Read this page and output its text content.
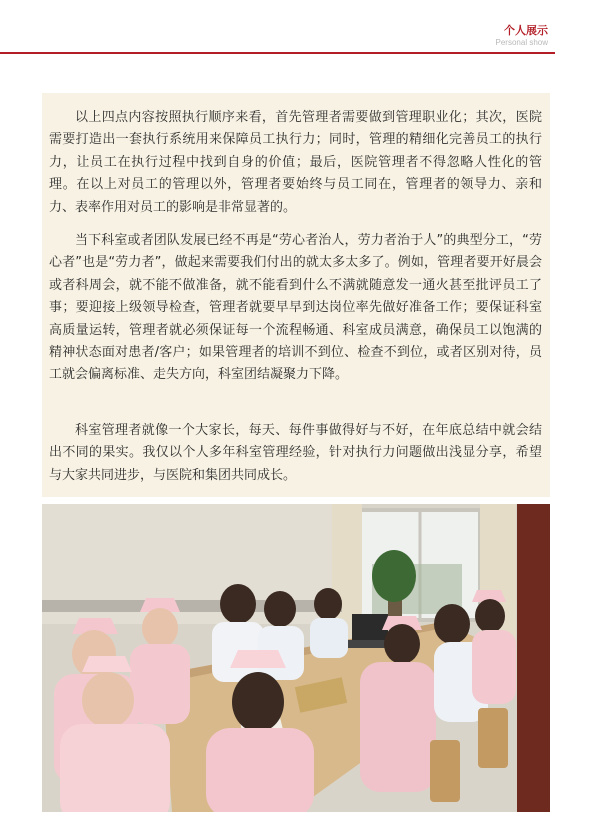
个人展示
Personal show

以上四点内容按照执行顺序来看，首先管理者需要做到管理职业化；其次，医院需要打造出一套执行系统用来保障员工执行力；同时，管理的精细化完善员工的执行力，让员工在执行过程中找到自身的价值；最后，医院管理者不得忽略人性化的管理。在以上对员工的管理以外，管理者要始终与员工同在，管理者的领导力、亲和力、表率作用对员工的影响是非常显著的。

当下科室或者团队发展已经不再是“劳心者治人，劳力者治于人”的典型分工，“劳心者”也是“劳力者”，做起来需要我们付出的就太多太多了。例如，管理者要开好晨会或者科周会，就不能不做准备，就不能看到什么不满就随意发一通火甚至批评员工了事；要迎接上级领导检查，管理者就要早早到达岗位率先做好准备工作；要保证科室高质量运转，管理者就必须保证每一个流程畅通、科室成员满意，确保员工以饱满的精神状态面对患者/客户；如果管理者的培训不到位、检查不到位，或者区别对待，员工就会偏离标准、走失方向，科室团结凝聚力下降。

科室管理者就像一个大家长，每天、每件事做得好与不好，在年底总结中就会结出不同的果实。我仅以个人多年科室管理经验，针对执行力问题做出浅显分享，希望与大家共同进步，与医院和集团共同成长。
